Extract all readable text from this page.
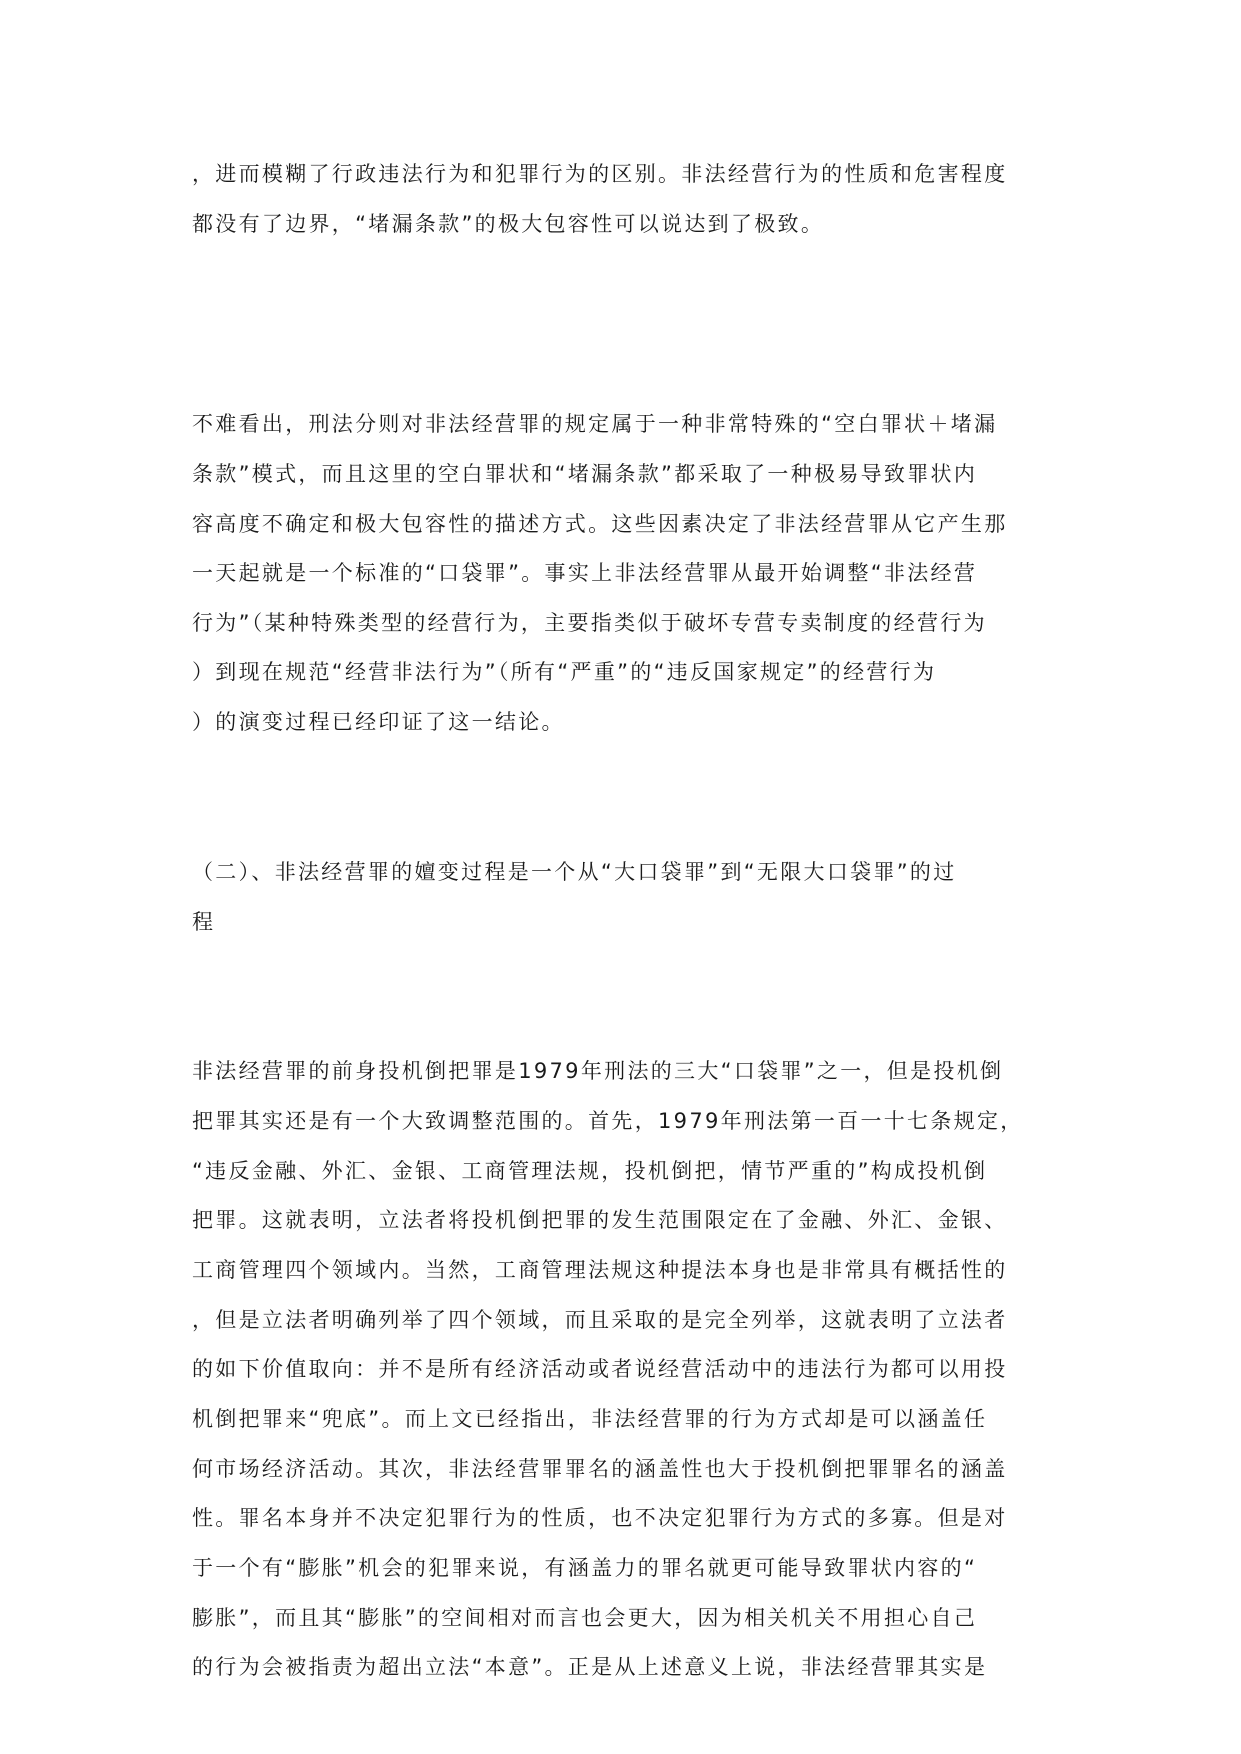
，进而模糊了行政违法行为和犯罪行为的区别。非法经营行为的性质和危害程度
都没有了边界，“堵漏条款”的极大包容性可以说达到了极致。
不难看出，刑法分则对非法经营罪的规定属于一种非常特殊的“空白罪状＋堵漏
条款”模式，而且这里的空白罪状和“堵漏条款”都采取了一种极易导致罪状内
容高度不确定和极大包容性的描述方式。这些因素决定了非法经营罪从它产生那
一天起就是一个标准的“口袋罪”。事实上非法经营罪从最开始调整“非法经营
行为”（某种特殊类型的经营行为，主要指类似于破坏专营专卖制度的经营行为
）到现在规范“经营非法行为”（所有“严重”的“违反国家规定”的经营行为
）的演变过程已经印证了这一结论。
（二）、非法经营罪的嬗变过程是一个从“大口袋罪”到“无限大口袋罪”的过
程
非法经营罪的前身投机倒把罪是1979年刑法的三大“口袋罪”之一，但是投机倒
把罪其实还是有一个大致调整范围的。首先，1979年刑法第一百一十七条规定，
“违反金融、外汇、金银、工商管理法规，投机倒把，情节严重的”构成投机倒
把罪。这就表明，立法者将投机倒把罪的发生范围限定在了金融、外汇、金银、
工商管理四个领域内。当然，工商管理法规这种提法本身也是非常具有概括性的
，但是立法者明确列举了四个领域，而且采取的是完全列举，这就表明了立法者
的如下价值取向：并不是所有经济活动或者说经营活动中的违法行为都可以用投
机倒把罪来“兜底”。而上文已经指出，非法经营罪的行为方式却是可以涵盖任
何市场经济活动。其次，非法经营罪罪名的涵盖性也大于投机倒把罪罪名的涵盖
性。罪名本身并不决定犯罪行为的性质，也不决定犯罪行为方式的多寡。但是对
于一个有“膨胀”机会的犯罪来说，有涵盖力的罪名就更可能导致罪状内容的“
膨胀”，而且其“膨胀”的空间相对而言也会更大，因为相关机关不用担心自己
的行为会被指责为超出立法“本意”。正是从上述意义上说，非法经营罪其实是
